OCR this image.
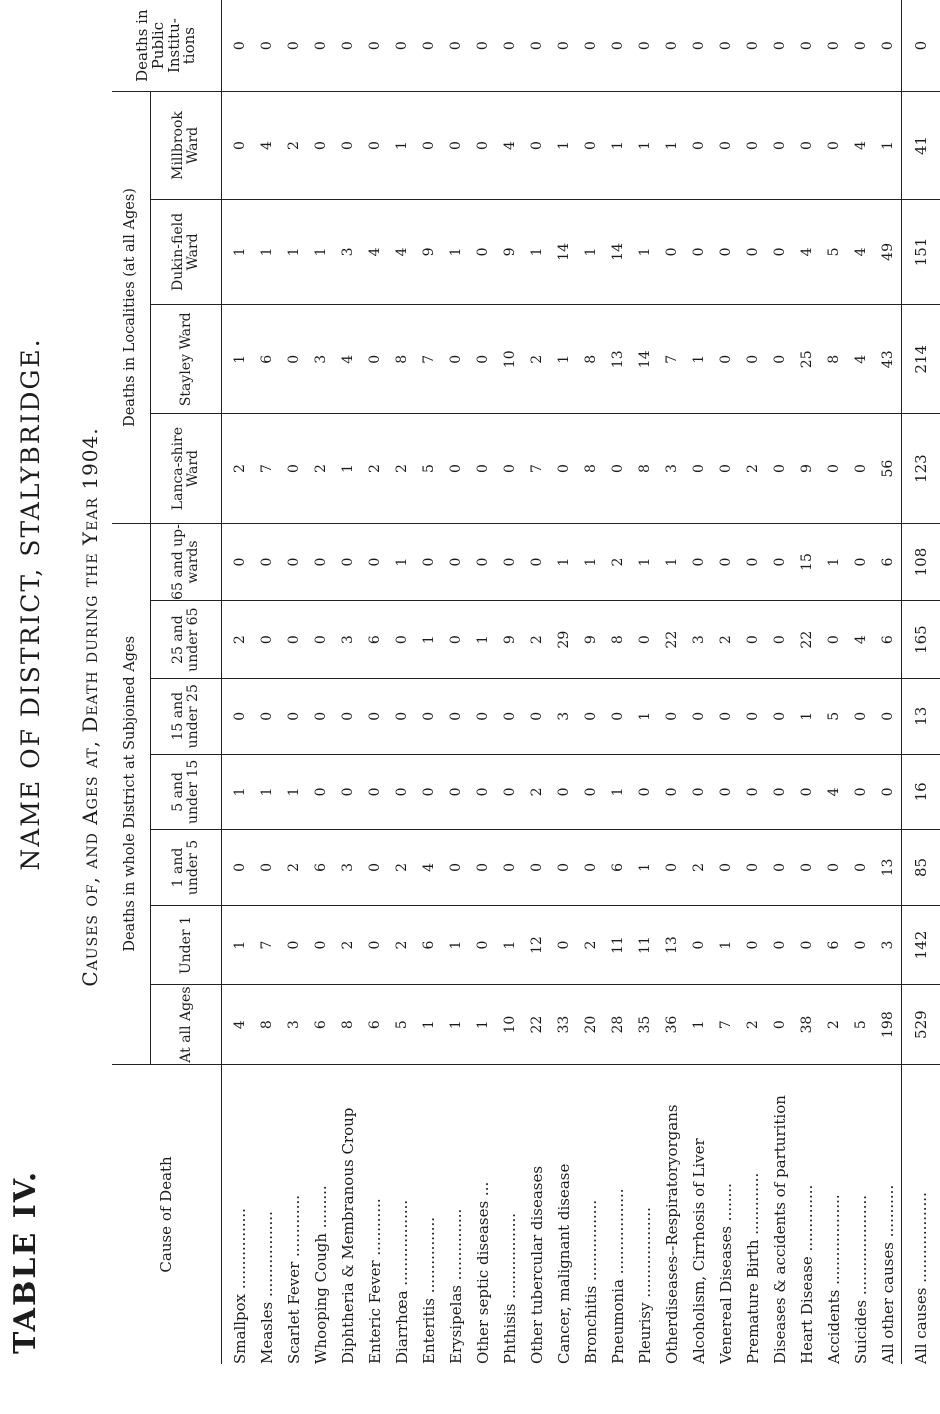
TABLE IV.
NAME OF DISTRICT, STALYBRIDGE. Causes of, and Ages at, Death during the Year 1904.
Cause of Death	Deaths in whole District at Subjoined Ages							Deaths in Localities (at all Ages)				Deaths in Public Institu-tions
	At all Ages	Under 1	1 and under 5	5 and under 15	15 and under 25	25 and under 65	65 and up-wards	Lanca-shire Ward	Stayley Ward	Dukin-field Ward	Millbrook Ward	

Smallpox .................	4	1	0	1	0	2	0	2	1	1	0	0
Measles ..................	8	7	0	1	0	0	0	7	6	1	4	0
Scarlet Fever .............	3	0	2	1	0	0	0	0	0	1	2	0
Whooping Cough .........	6	0	6	0	0	0	0	2	3	1	0	0
Diphtheria & Membranous Croup	8	2	3	0	0	3	0	1	4	3	0	0
Enteric Fever ............	6	0	0	0	0	6	0	2	0	4	0	0
Diarrhœa ..................	5	2	2	0	0	0	1	2	8	4	1	0
Enteritis ................	1	6	4	0	0	1	0	5	7	9	0	0
Erysipelas ...............	1	1	0	0	0	0	0	0	0	1	0	0
Other septic diseases ...	1	0	0	0	0	1	0	0	0	0	0	0
Phthisis ..................	10	1	0	0	0	9	0	0	10	9	4	0
Other tubercular diseases	22	12	0	2	0	2	0	7	2	1	0	0
Cancer, malignant disease	33	0	0	0	3	29	1	0	1	14	1	0
Bronchitis .................	20	2	0	0	0	9	1	8	8	1	0	0
Pneumonia ..................	28	11	6	1	0	8	2	0	13	14	1	0
Pleurisy ...................	35	11	1	0	1	0	1	8	14	1	1	0
Otherdiseases--Respiratoryorgans	36	13	0	0	0	22	1	3	7	0	1	0
Alcoholism, Cirrhosis of Liver	1	0	2	0	0	3	0	0	1	0	0	0
Venereal Diseases ........	7	1	0	0	0	2	0	0	0	0	0	0
Premature Birth .............	2	0	0	0	0	0	0	2	0	0	0	0
Diseases & accidents of parturition	0	0	0	0	0	0	0	0	0	0	0	0
Heart Disease ..............	38	0	0	0	1	22	15	9	25	4	0	0
Accidents ...................	2	6	0	4	5	0	1	0	8	5	0	0
Suicides .....................	5	0	0	0	0	4	0	0	4	4	4	0
All other causes ...........	198	3	13	0	0	6	6	56	43	49	1	0
All causes ...................	529	142	85	16	13	165	108	123	214	151	41	0
